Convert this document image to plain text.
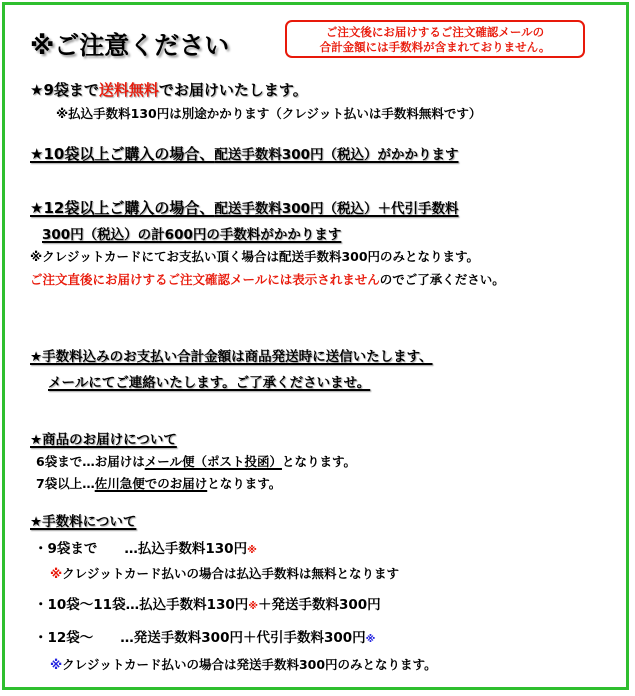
※ご注意ください	ご注文後にお届けするご注文確認メールの
合計金額には手数料が含まれておりません。
★9袋まで送料無料でお届けいたします。
※払込手数料130円は別途かかります（クレジット払いは手数料無料です）
★10袋以上ご購入の場合、配送手数料300円（税込）がかかります
★12袋以上ご購入の場合、配送手数料300円（税込）＋代引手数料
300円（税込）の計600円の手数料がかかります
※クレジットカードにてお支払い頂く場合は配送手数料300円のみとなります。
ご注文直後にお届けするご注文確認メールには表示されませんのでご了承ください。
★手数料込みのお支払い合計金額は商品発送時に送信いたします、
メールにてご連絡いたします。ご了承くださいませ。
★商品のお届けについて
6袋まで…お届けはメール便（ポスト投函）となります。
7袋以上…佐川急便でのお届けとなります。
★手数料について
・9袋まで　　…払込手数料130円※
※クレジットカード払いの場合は払込手数料は無料となります
・10袋〜11袋…払込手数料130円※＋発送手数料300円
・12袋〜　　…発送手数料300円＋代引手数料300円※
※クレジットカード払いの場合は発送手数料300円のみとなります。
